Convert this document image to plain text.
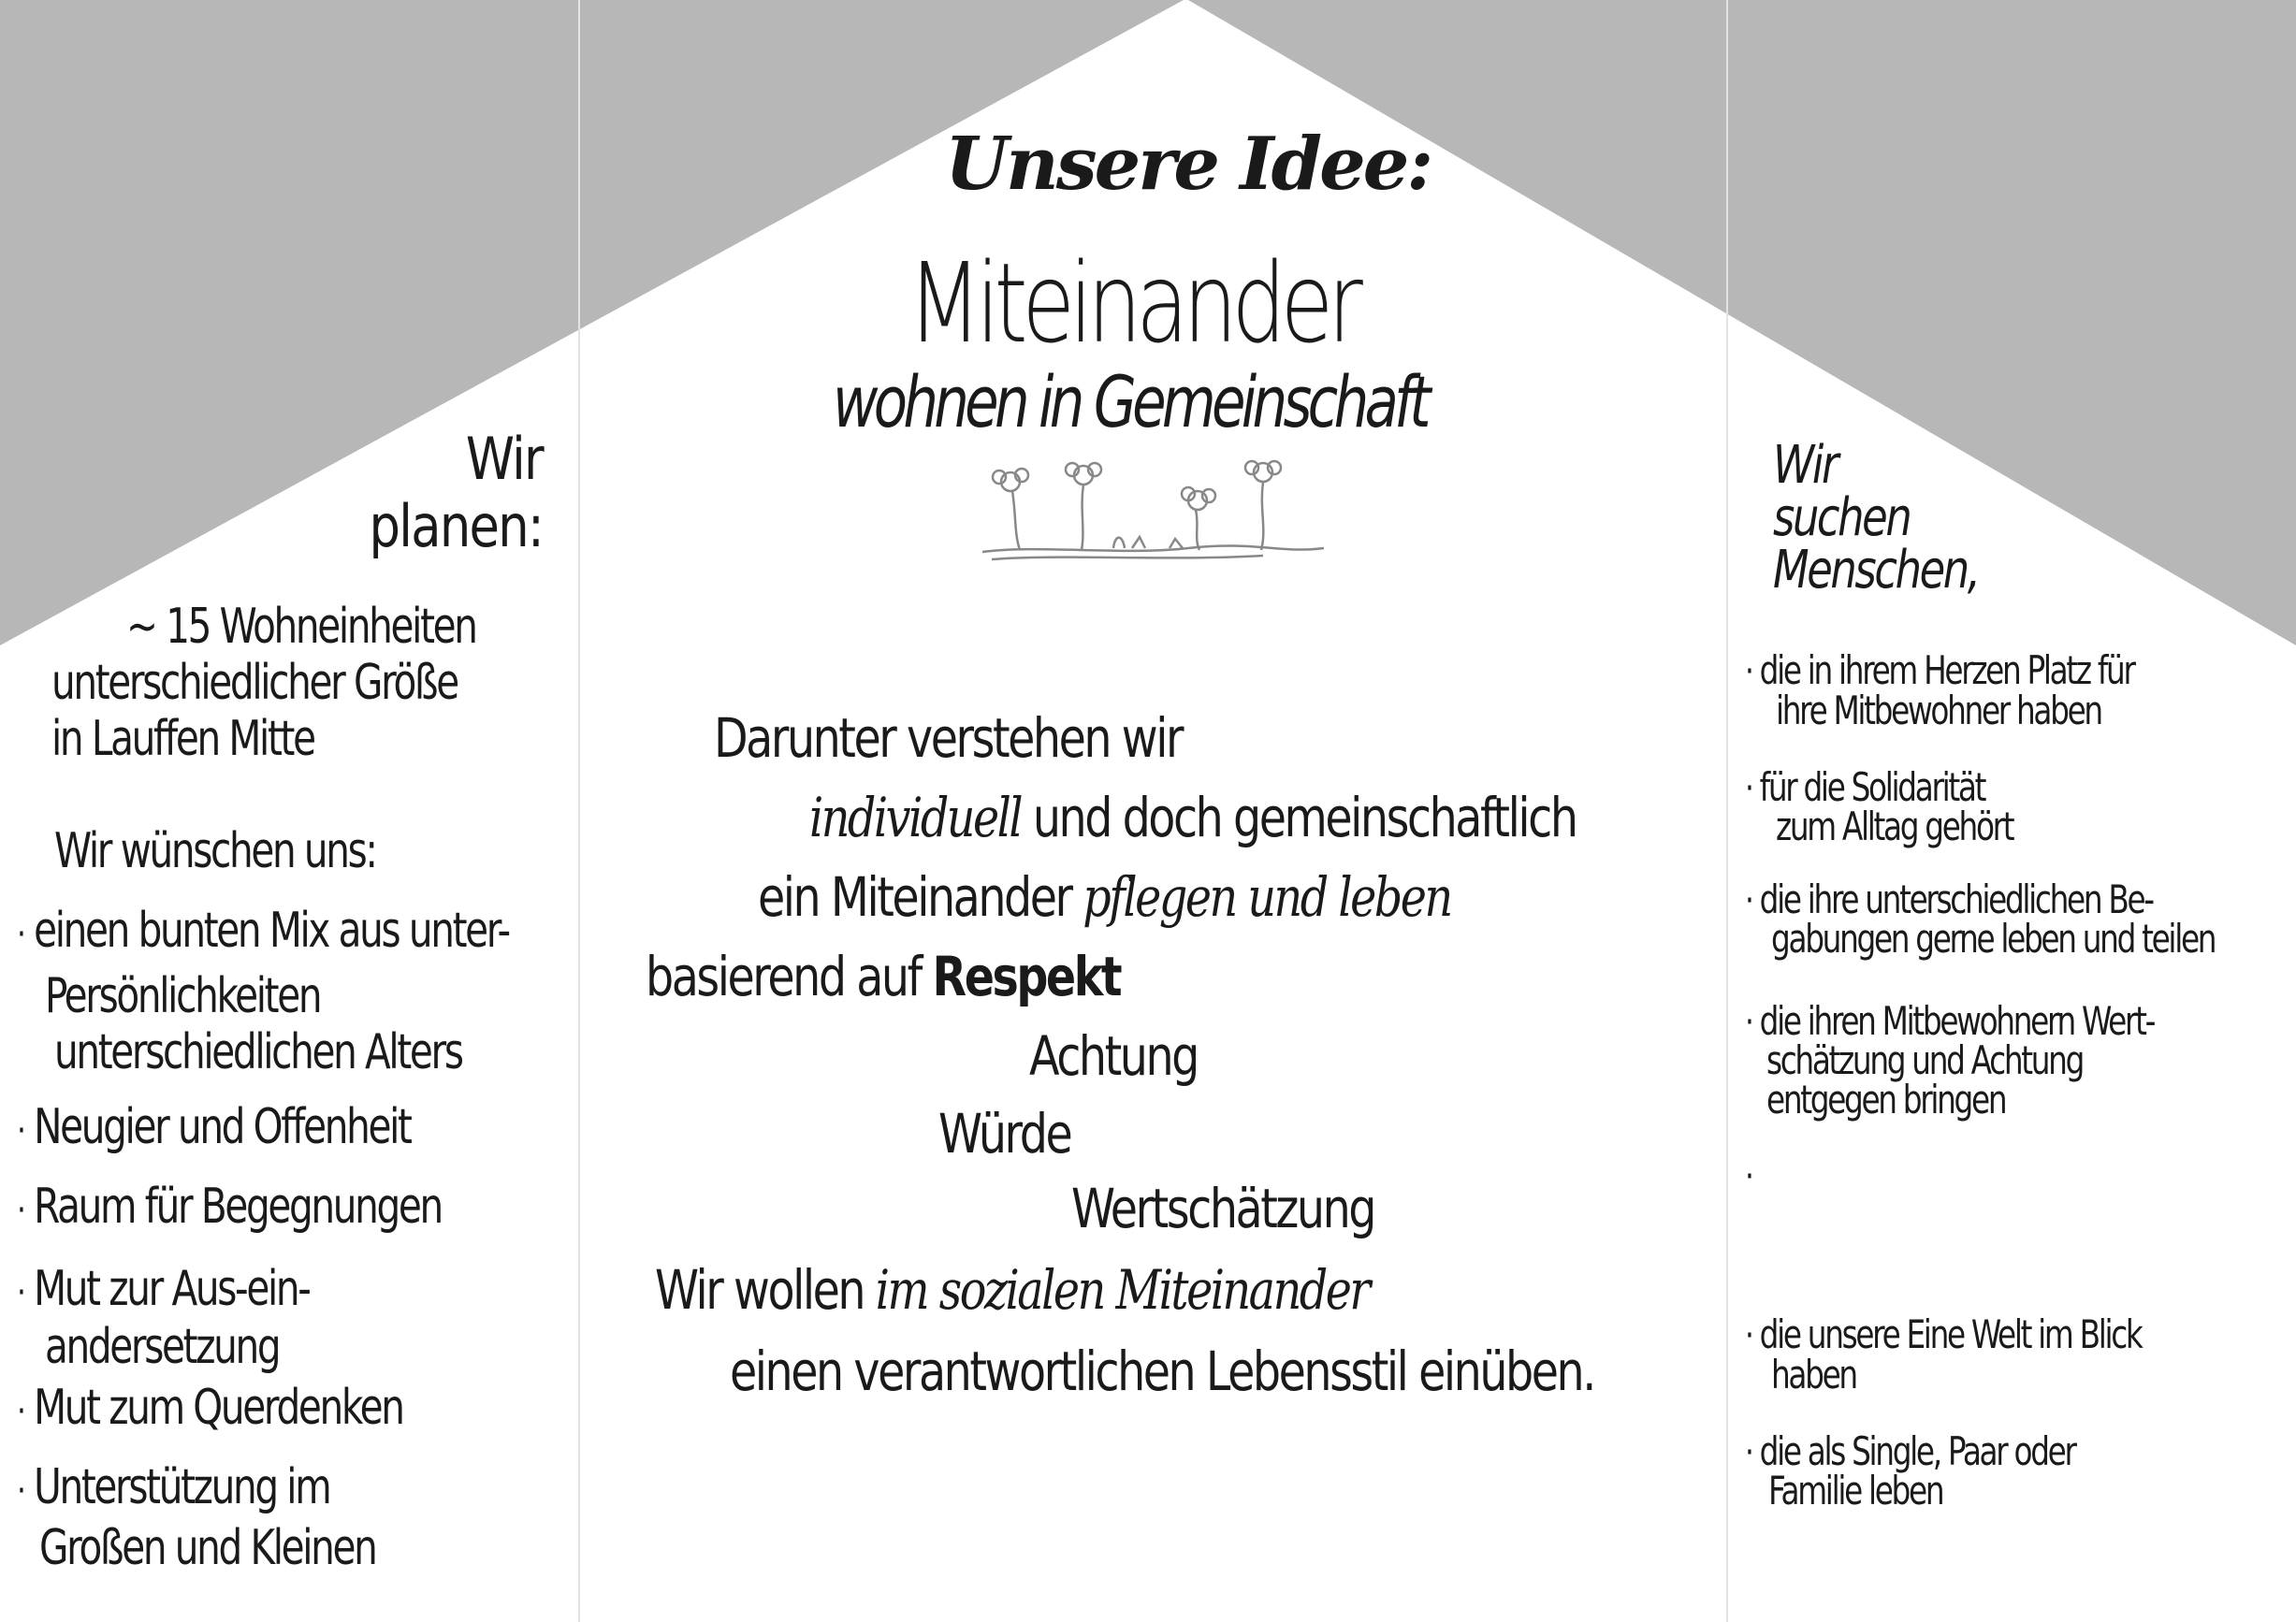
Unsere Idee:
Miteinander
wohnen in Gemeinschaft
Darunter verstehen wir
individuell und doch gemeinschaftlich
ein Miteinander pflegen und leben
basierend auf Respekt
Achtung
Würde
Wertschätzung
Wir wollen im sozialen Miteinander
einen verantwortlichen Lebensstil einüben.
Wir
planen:
~ 15 Wohneinheiten
unterschiedlicher Größe
in Lauffen Mitte
Wir wünschen uns:
· einen bunten Mix aus unter-
Persönlichkeiten
unterschiedlichen Alters
· Neugier und Offenheit
· Raum für Begegnungen
· Mut zur Aus-ein-
andersetzung
· Mut zum Querdenken
· Unterstützung im
Großen und Kleinen
Wir
suchen
Menschen,
· die in ihrem Herzen Platz für
ihre Mitbewohner haben
· für die Solidarität
zum Alltag gehört
· die ihre unterschiedlichen Be-
gabungen gerne leben und teilen
· die ihren Mitbewohnern Wert-
schätzung und Achtung
entgegen bringen
·
· die unsere Eine Welt im Blick
haben
· die als Single, Paar oder
Familie leben
